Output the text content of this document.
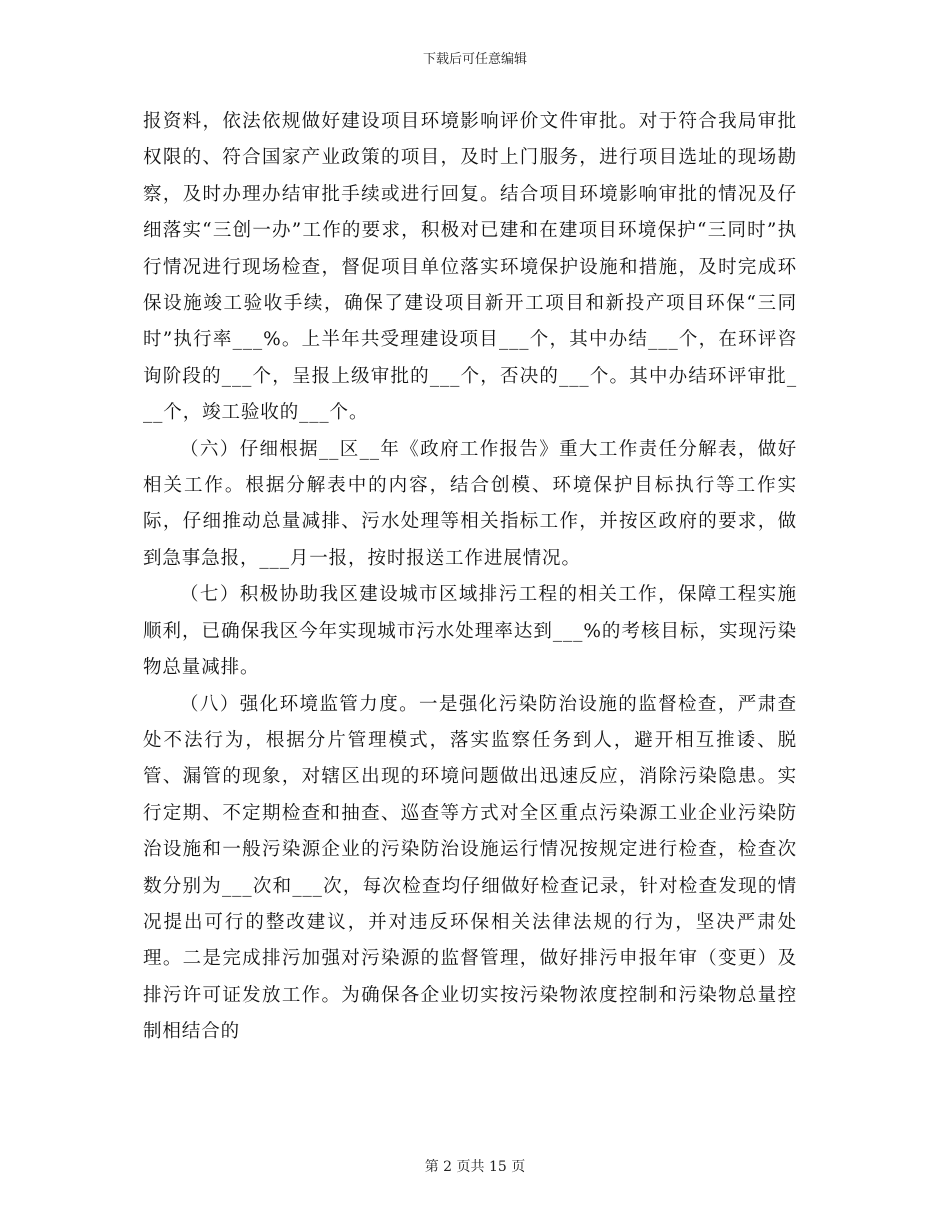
下载后可任意编辑

报资料，依法依规做好建设项目环境影响评价文件审批。对于符合我局审批权限的、符合国家产业政策的项目，及时上门服务，进行项目选址的现场勘察，及时办理办结审批手续或进行回复。结合项目环境影响审批的情况及仔细落实“三创一办”工作的要求，积极对已建和在建项目环境保护“三同时”执行情况进行现场检查，督促项目单位落实环境保护设施和措施，及时完成环保设施竣工验收手续，确保了建设项目新开工项目和新投产项目环保“三同时”执行率___%。上半年共受理建设项目___个，其中办结___个，在环评咨询阶段的___个，呈报上级审批的___个，否决的___个。其中办结环评审批___个，竣工验收的___个。

（六）仔细根据__区__年《政府工作报告》重大工作责任分解表，做好相关工作。根据分解表中的内容，结合创模、环境保护目标执行等工作实际，仔细推动总量减排、污水处理等相关指标工作，并按区政府的要求，做到急事急报，___月一报，按时报送工作进展情况。

（七）积极协助我区建设城市区域排污工程的相关工作，保障工程实施顺利，已确保我区今年实现城市污水处理率达到___%的考核目标，实现污染物总量减排。

（八）强化环境监管力度。一是强化污染防治设施的监督检查，严肃查处不法行为，根据分片管理模式，落实监察任务到人，避开相互推诿、脱管、漏管的现象，对辖区出现的环境问题做出迅速反应，消除污染隐患。实行定期、不定期检查和抽查、巡查等方式对全区重点污染源工业企业污染防治设施和一般污染源企业的污染防治设施运行情况按规定进行检查，检查次数分别为___次和___次，每次检查均仔细做好检查记录，针对检查发现的情况提出可行的整改建议，并对违反环保相关法律法规的行为，坚决严肃处理。二是完成排污加强对污染源的监督管理，做好排污申报年审（变更）及排污许可证发放工作。为确保各企业切实按污染物浓度控制和污染物总量控制相结合的

第 2 页共 15 页
